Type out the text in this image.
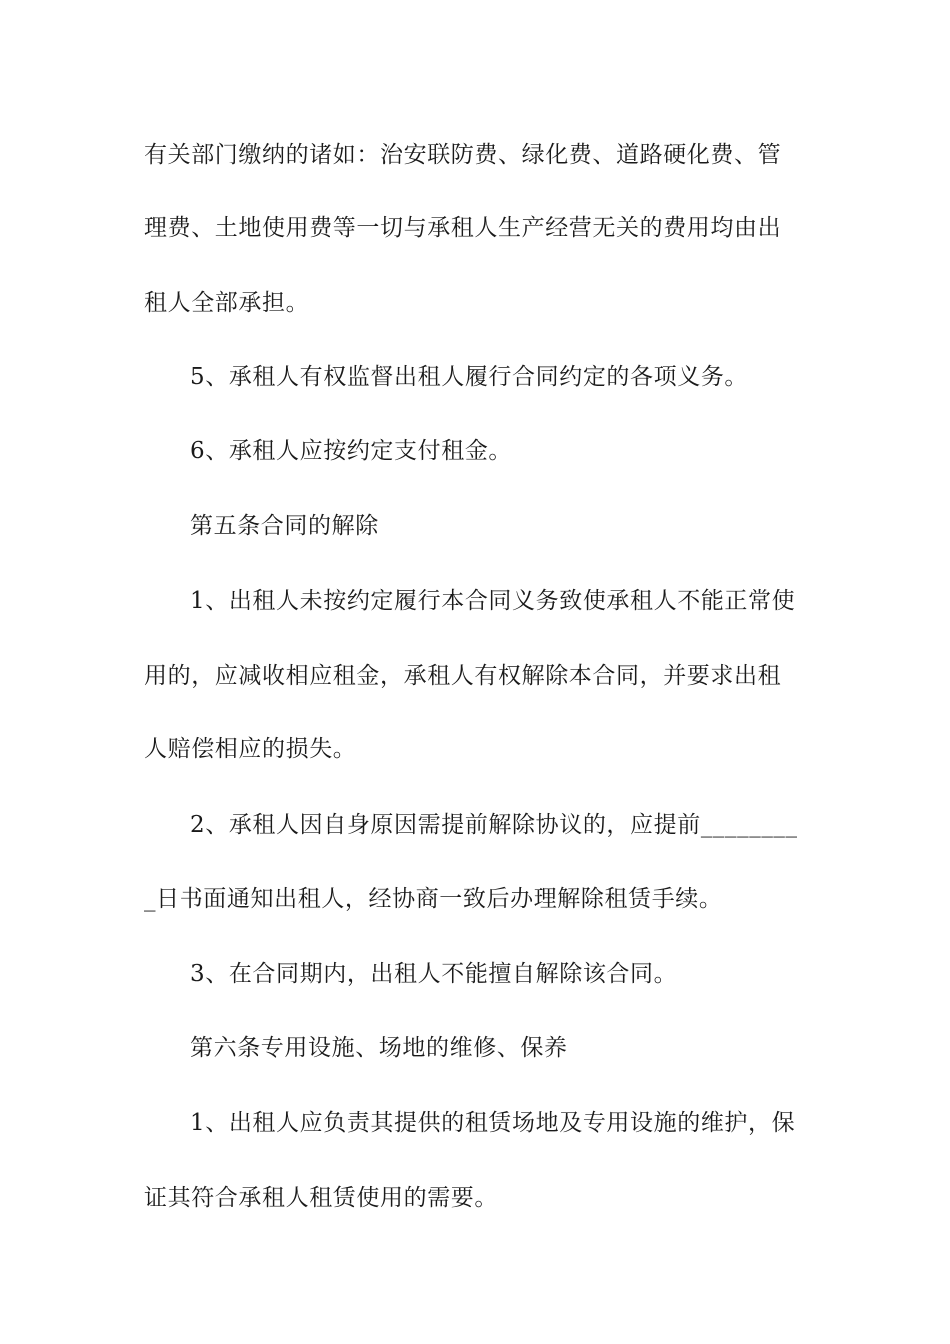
有关部门缴纳的诸如：治安联防费、绿化费、道路硬化费、管
理费、土地使用费等一切与承租人生产经营无关的费用均由出
租人全部承担。
5、承租人有权监督出租人履行合同约定的各项义务。
6、承租人应按约定支付租金。
第五条合同的解除
1、出租人未按约定履行本合同义务致使承租人不能正常使
用的，应减收相应租金，承租人有权解除本合同，并要求出租
人赔偿相应的损失。
2、承租人因自身原因需提前解除协议的，应提前________
_日书面通知出租人，经协商一致后办理解除租赁手续。
3、在合同期内，出租人不能擅自解除该合同。
第六条专用设施、场地的维修、保养
1、出租人应负责其提供的租赁场地及专用设施的维护，保
证其符合承租人租赁使用的需要。
